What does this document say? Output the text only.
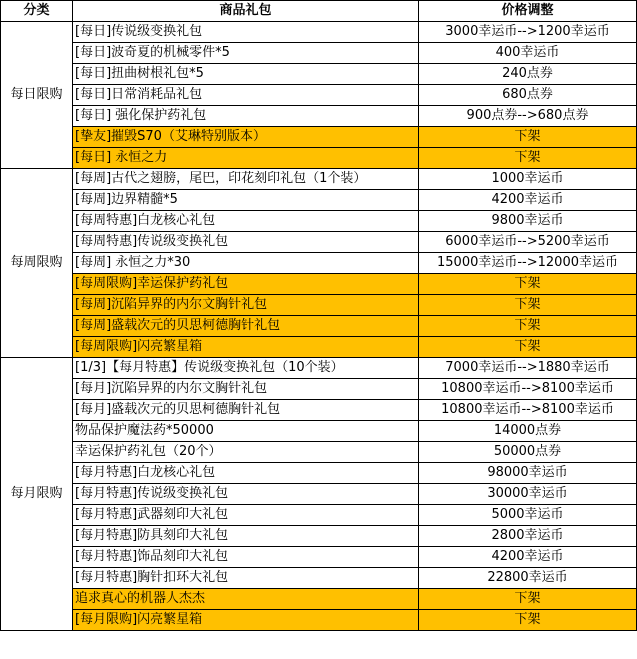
分类	商品礼包	价格调整
每日限购	[每日]传说级变换礼包	3000幸运币-->1200幸运币
	[每日]波奇夏的机械零件*5	400幸运币
	[每日]扭曲树根礼包*5	240点券
	[每日]日常消耗品礼包	680点券
	[每日] 强化保护药礼包	900点券-->680点券
	[挚友]摧毁S70（艾琳特别版本）	下架
	[每日] 永恒之力	下架
每周限购	[每周]古代之翅膀，尾巴，印花刻印礼包（1个装）	1000幸运币
	[每周]边界精髓*5	4200幸运币
	[每周特惠]白龙核心礼包	9800幸运币
	[每周特惠]传说级变换礼包	6000幸运币-->5200幸运币
	[每周] 永恒之力*30	15000幸运币-->12000幸运币
	[每周限购]幸运保护药礼包	下架
	[每周]沉陷异界的内尔文胸针礼包	下架
	[每周]盛载次元的贝思柯德胸针礼包	下架
	[每周限购]闪亮繁星箱	下架
每月限购	[1/3]【每月特惠】传说级变换礼包（10个装）	7000幸运币-->1880幸运币
	[每月]沉陷异界的内尔文胸针礼包	10800幸运币-->8100幸运币
	[每月]盛载次元的贝思柯德胸针礼包	10800幸运币-->8100幸运币
	物品保护魔法药*50000	14000点券
	幸运保护药礼包（20个）	50000点券
	[每月特惠]白龙核心礼包	98000幸运币
	[每月特惠]传说级变换礼包	30000幸运币
	[每月特惠]武器刻印大礼包	5000幸运币
	[每月特惠]防具刻印大礼包	2800幸运币
	[每月特惠]饰品刻印大礼包	4200幸运币
	[每月特惠]胸针扣环大礼包	22800幸运币
	追求真心的机器人杰杰	下架
	[每月限购]闪亮繁星箱	下架
